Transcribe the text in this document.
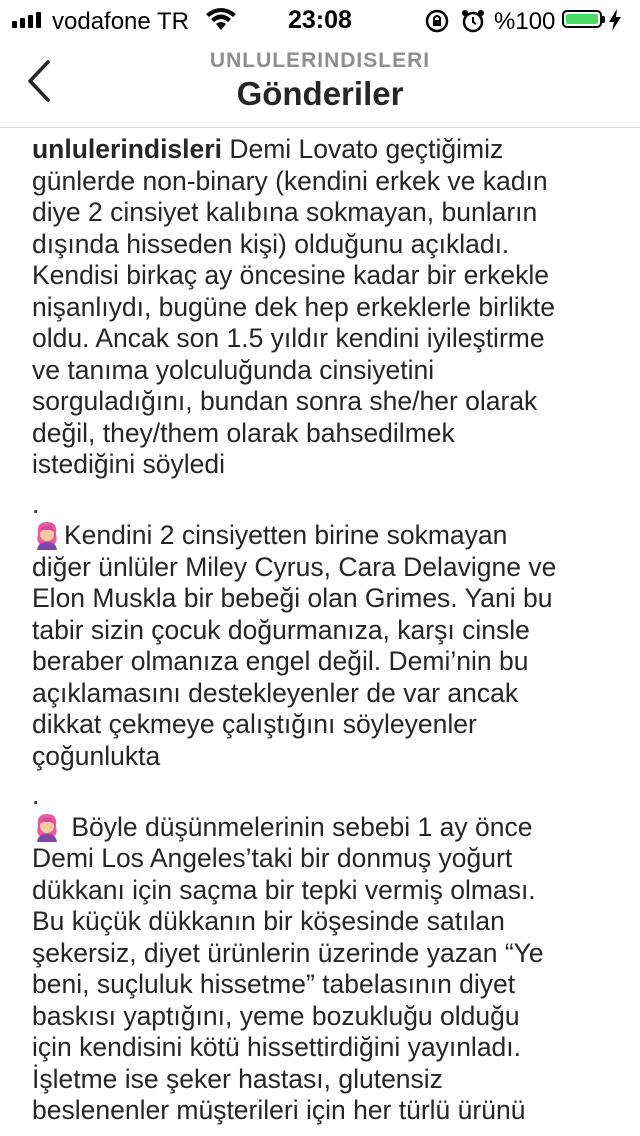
vodafone TR	23:08	%100
UNLULERINDISLERI
Gönderiler
unlulerindisleri Demi Lovato geçtiğimiz
günlerde non-binary (kendini erkek ve kadın
diye 2 cinsiyet kalıbına sokmayan, bunların
dışında hisseden kişi) olduğunu açıkladı.
Kendisi birkaç ay öncesine kadar bir erkekle
nişanlıydı, bugüne dek hep erkeklerle birlikte
oldu. Ancak son 1.5 yıldır kendini iyileştirme
ve tanıma yolculuğunda cinsiyetini
sorguladığını, bundan sonra she/her olarak
değil, they/them olarak bahsedilmek
istediğini söyledi
.
Kendini 2 cinsiyetten birine sokmayan
diğer ünlüler Miley Cyrus, Cara Delavigne ve
Elon Muskla bir bebeği olan Grimes. Yani bu
tabir sizin çocuk doğurmanıza, karşı cinsle
beraber olmanıza engel değil. Demi’nin bu
açıklamasını destekleyenler de var ancak
dikkat çekmeye çalıştığını söyleyenler
çoğunlukta
.
Böyle düşünmelerinin sebebi 1 ay önce
Demi Los Angeles’taki bir donmuş yoğurt
dükkanı için saçma bir tepki vermiş olması.
Bu küçük dükkanın bir köşesinde satılan
şekersiz, diyet ürünlerin üzerinde yazan “Ye
beni, suçluluk hissetme” tabelasının diyet
baskısı yaptığını, yeme bozukluğu olduğu
için kendisini kötü hissettirdiğini yayınladı.
İşletme ise şeker hastası, glutensiz
beslenenler müşterileri için her türlü ürünü
